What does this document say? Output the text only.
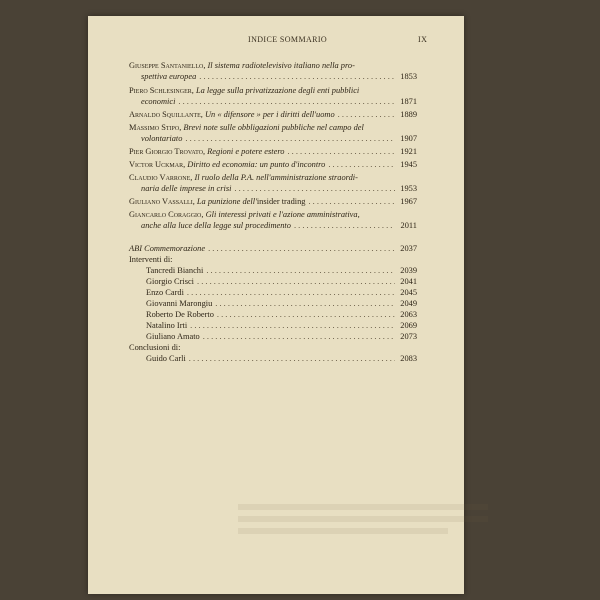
INDICE SOMMARIO	IX
Giuseppe Santaniello, Il sistema radiotelevisivo italiano nella pro-
spettiva europea . . .	1853
Piero Schlesinger, La legge sulla privatizzazione degli enti pubblici
economici . . .	1871
Arnaldo Squillante, Un « difensore » per i diritti dell'uomo . . .	1889
Massimo Stipo, Brevi note sulle obbligazioni pubbliche nel campo del
volontariato . . .	1907
Pier Giorgio Trovato, Regioni e potere estero . . .	1921
Victor Uckmar, Diritto ed economia: un punto d'incontro . . .	1945
Claudio Varrone, Il ruolo della P.A. nell'amministrazione straordi-
naria delle imprese in crisi . . .	1953
Giuliano Vassalli, La punizione dell'insider trading . . .	1967
Giancarlo Coraggio, Gli interessi privati e l'azione amministrativa,
anche alla luce della legge sul procedimento . . .	2011
ABI Commemorazione . . .	2037
Interventi di:
Tancredi Bianchi . . .	2039
Giorgio Crisci . . .	2041
Enzo Cardi . . .	2045
Giovanni Marongiu . . .	2049
Roberto De Roberto . . .	2063
Natalino Irti . . .	2069
Giuliano Amato . . .	2073
Conclusioni di:
Guido Carli . . .	2083
